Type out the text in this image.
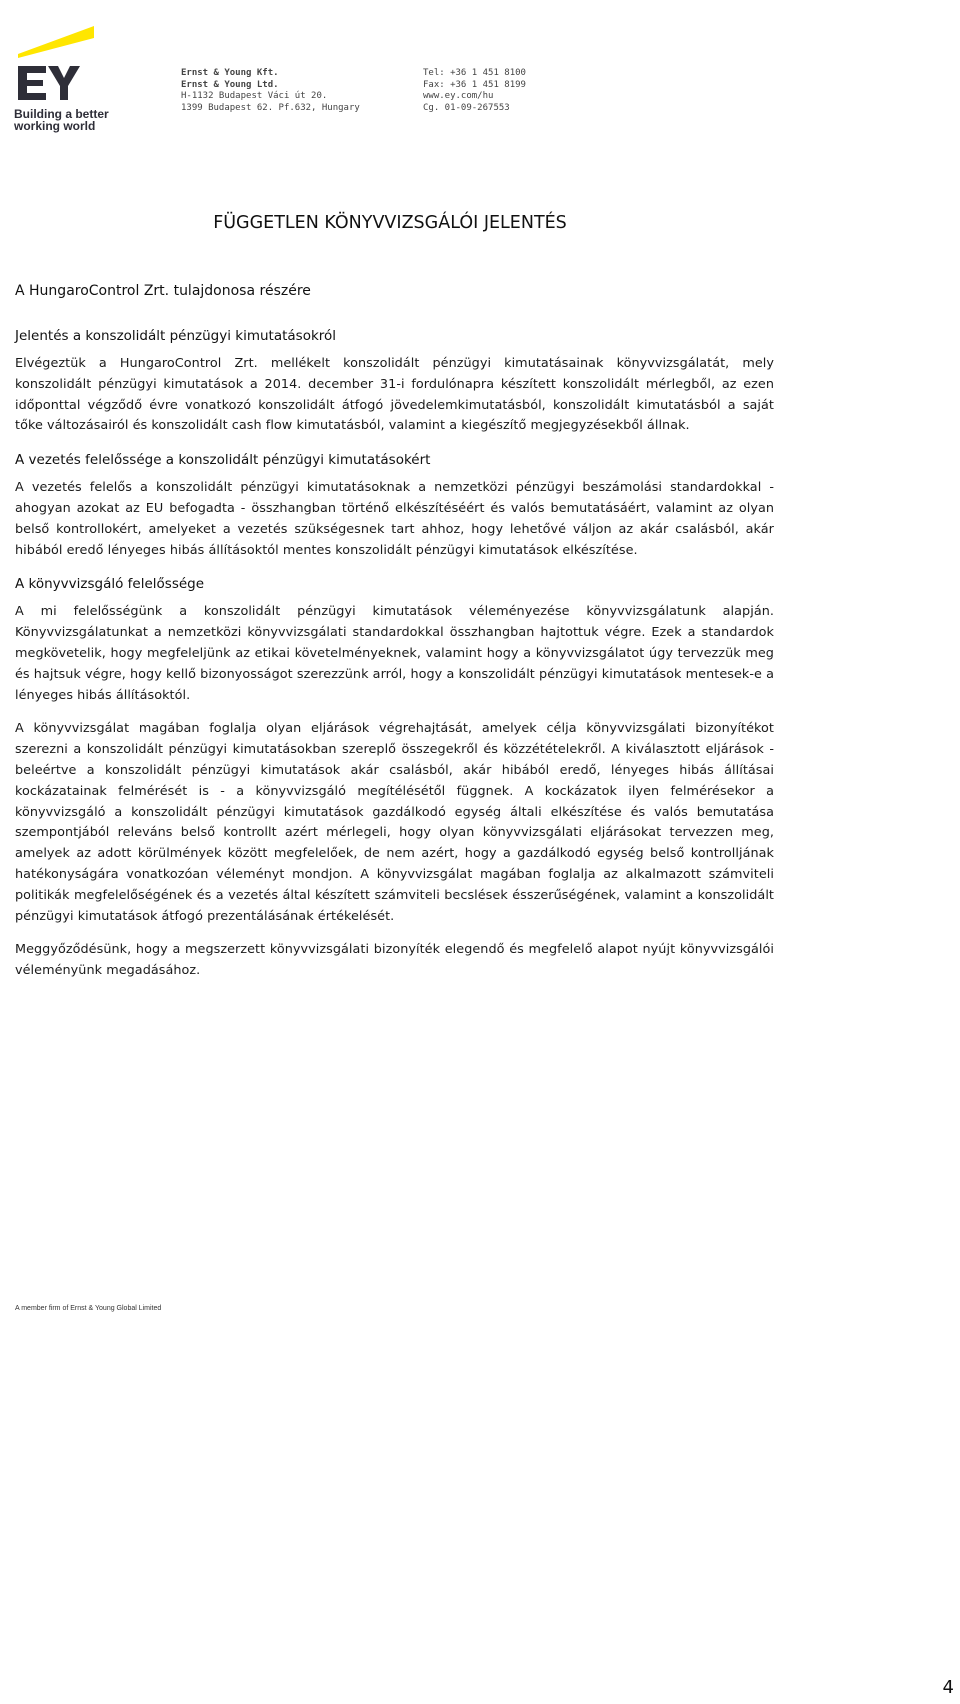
Building a better
working world
Ernst & Young Kft.
Ernst & Young Ltd.
H-1132 Budapest Váci út 20.
1399 Budapest 62. Pf.632, Hungary
Tel: +36 1 451 8100
Fax: +36 1 451 8199
www.ey.com/hu
Cg. 01-09-267553
FÜGGETLEN KÖNYVVIZSGÁLÓI JELENTÉS
A HungaroControl Zrt. tulajdonosa részére
Jelentés a konszolidált pénzügyi kimutatásokról
Elvégeztük a HungaroControl Zrt. mellékelt konszolidált pénzügyi kimutatásainak könyvvizsgálatát, mely konszolidált pénzügyi kimutatások a 2014. december 31-i fordulónapra készített konszolidált mérlegből, az ezen időponttal végződő évre vonatkozó konszolidált átfogó jövedelemkimutatásból, konszolidált kimutatásból a saját tőke változásairól és konszolidált cash flow kimutatásból, valamint a kiegészítő megjegyzésekből állnak.
A vezetés felelőssége a konszolidált pénzügyi kimutatásokért
A vezetés felelős a konszolidált pénzügyi kimutatásoknak a nemzetközi pénzügyi beszámolási standardokkal - ahogyan azokat az EU befogadta - összhangban történő elkészítéséért és valós bemutatásáért, valamint az olyan belső kontrollokért, amelyeket a vezetés szükségesnek tart ahhoz, hogy lehetővé váljon az akár csalásból, akár hibából eredő lényeges hibás állításoktól mentes konszolidált pénzügyi kimutatások elkészítése.
A könyvvizsgáló felelőssége
A mi felelősségünk a konszolidált pénzügyi kimutatások véleményezése könyvvizsgálatunk alapján. Könyvvizsgálatunkat a nemzetközi könyvvizsgálati standardokkal összhangban hajtottuk végre. Ezek a standardok megkövetelik, hogy megfeleljünk az etikai követelményeknek, valamint hogy a könyvvizsgálatot úgy tervezzük meg és hajtsuk végre, hogy kellő bizonyosságot szerezzünk arról, hogy a konszolidált pénzügyi kimutatások mentesek-e a lényeges hibás állításoktól.
A könyvvizsgálat magában foglalja olyan eljárások végrehajtását, amelyek célja könyvvizsgálati bizonyítékot szerezni a konszolidált pénzügyi kimutatásokban szereplő összegekről és közzétételekről. A kiválasztott eljárások - beleértve a konszolidált pénzügyi kimutatások akár csalásból, akár hibából eredő, lényeges hibás állításai kockázatainak felmérését is - a könyvvizsgáló megítélésétől függnek. A kockázatok ilyen felmérésekor a könyvvizsgáló a konszolidált pénzügyi kimutatások gazdálkodó egység általi elkészítése és valós bemutatása szempontjából releváns belső kontrollt azért mérlegeli, hogy olyan könyvvizsgálati eljárásokat tervezzen meg, amelyek az adott körülmények között megfelelőek, de nem azért, hogy a gazdálkodó egység belső kontrolljának hatékonyságára vonatkozóan véleményt mondjon. A könyvvizsgálat magában foglalja az alkalmazott számviteli politikák megfelelőségének és a vezetés által készített számviteli becslések ésszerűségének, valamint a konszolidált pénzügyi kimutatások átfogó prezentálásának értékelését.
Meggyőződésünk, hogy a megszerzett könyvvizsgálati bizonyíték elegendő és megfelelő alapot nyújt könyvvizsgálói véleményünk megadásához.
A member firm of Ernst & Young Global Limited
4
